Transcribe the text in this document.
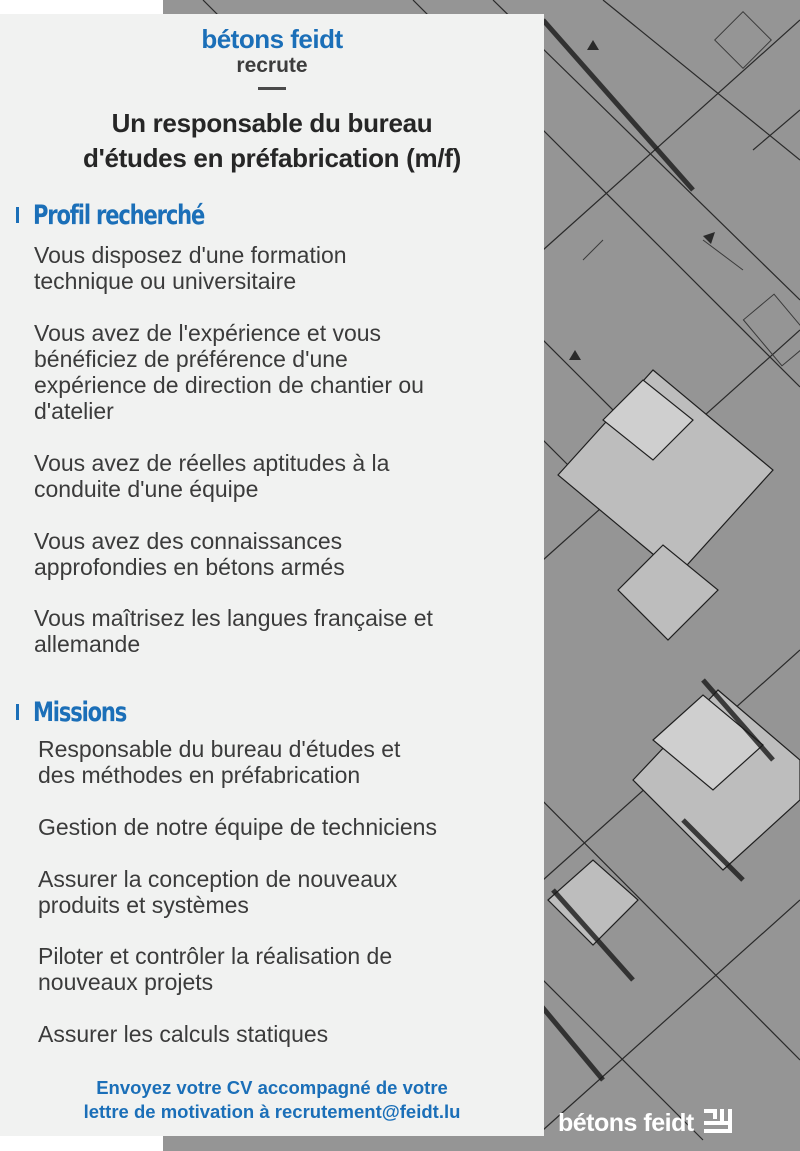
bétons feidt
recrute
Un responsable du bureau
d'études en préfabrication (m/f)
Profil recherché
Vous disposez d'une formation
technique ou universitaire
Vous avez de l'expérience et vous
bénéficiez de préférence d'une
expérience de direction de chantier ou
d'atelier
Vous avez de réelles aptitudes à la
conduite d'une équipe
Vous avez des connaissances
approfondies en bétons armés
Vous maîtrisez les langues française et
allemande
Missions
Responsable du bureau d'études et
des méthodes en préfabrication
Gestion de notre équipe de techniciens
Assurer la conception de nouveaux
produits et systèmes
Piloter et contrôler la réalisation de
nouveaux projets
Assurer les calculs statiques
Envoyez votre CV accompagné de votre
lettre de motivation à recrutement@feidt.lu	bétons feidt
